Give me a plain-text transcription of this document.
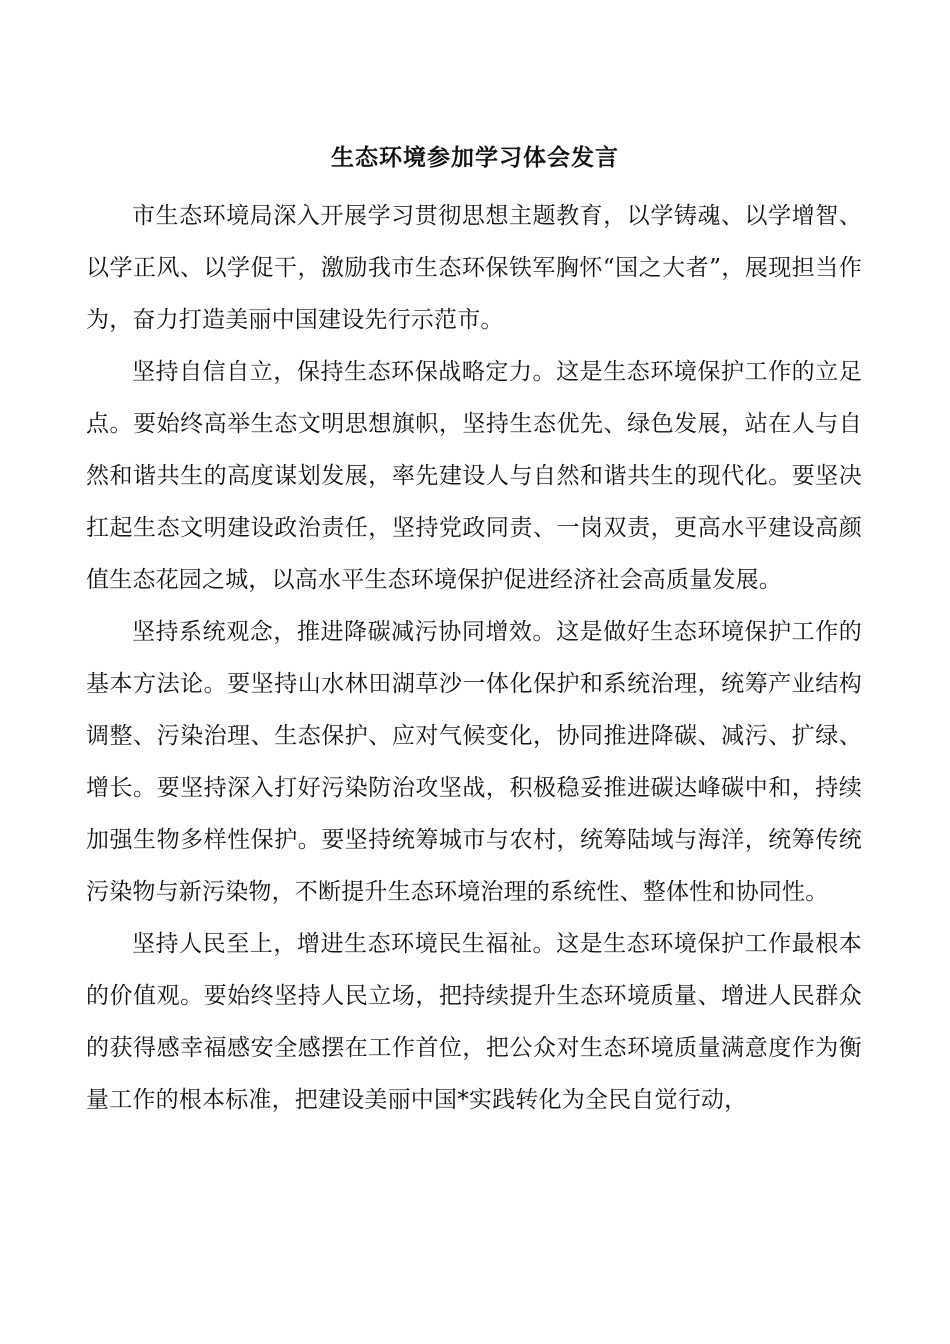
生态环境参加学习体会发言

市生态环境局深入开展学习贯彻思想主题教育，以学铸魂、以学增智、以学正风、以学促干，激励我市生态环保铁军胸怀“国之大者”，展现担当作为，奋力打造美丽中国建设先行示范市。

坚持自信自立，保持生态环保战略定力。这是生态环境保护工作的立足点。要始终高举生态文明思想旗帜，坚持生态优先、绿色发展，站在人与自然和谐共生的高度谋划发展，率先建设人与自然和谐共生的现代化。要坚决扛起生态文明建设政治责任，坚持党政同责、一岗双责，更高水平建设高颜值生态花园之城，以高水平生态环境保护促进经济社会高质量发展。

坚持系统观念，推进降碳减污协同增效。这是做好生态环境保护工作的基本方法论。要坚持山水林田湖草沙一体化保护和系统治理，统筹产业结构调整、污染治理、生态保护、应对气候变化，协同推进降碳、减污、扩绿、增长。要坚持深入打好污染防治攻坚战，积极稳妥推进碳达峰碳中和，持续加强生物多样性保护。要坚持统筹城市与农村，统筹陆域与海洋，统筹传统污染物与新污染物，不断提升生态环境治理的系统性、整体性和协同性。

坚持人民至上，增进生态环境民生福祉。这是生态环境保护工作最根本的价值观。要始终坚持人民立场，把持续提升生态环境质量、增进人民群众的获得感幸福感安全感摆在工作首位，把公众对生态环境质量满意度作为衡量工作的根本标准，把建设美丽中国*实践转化为全民自觉行动，
